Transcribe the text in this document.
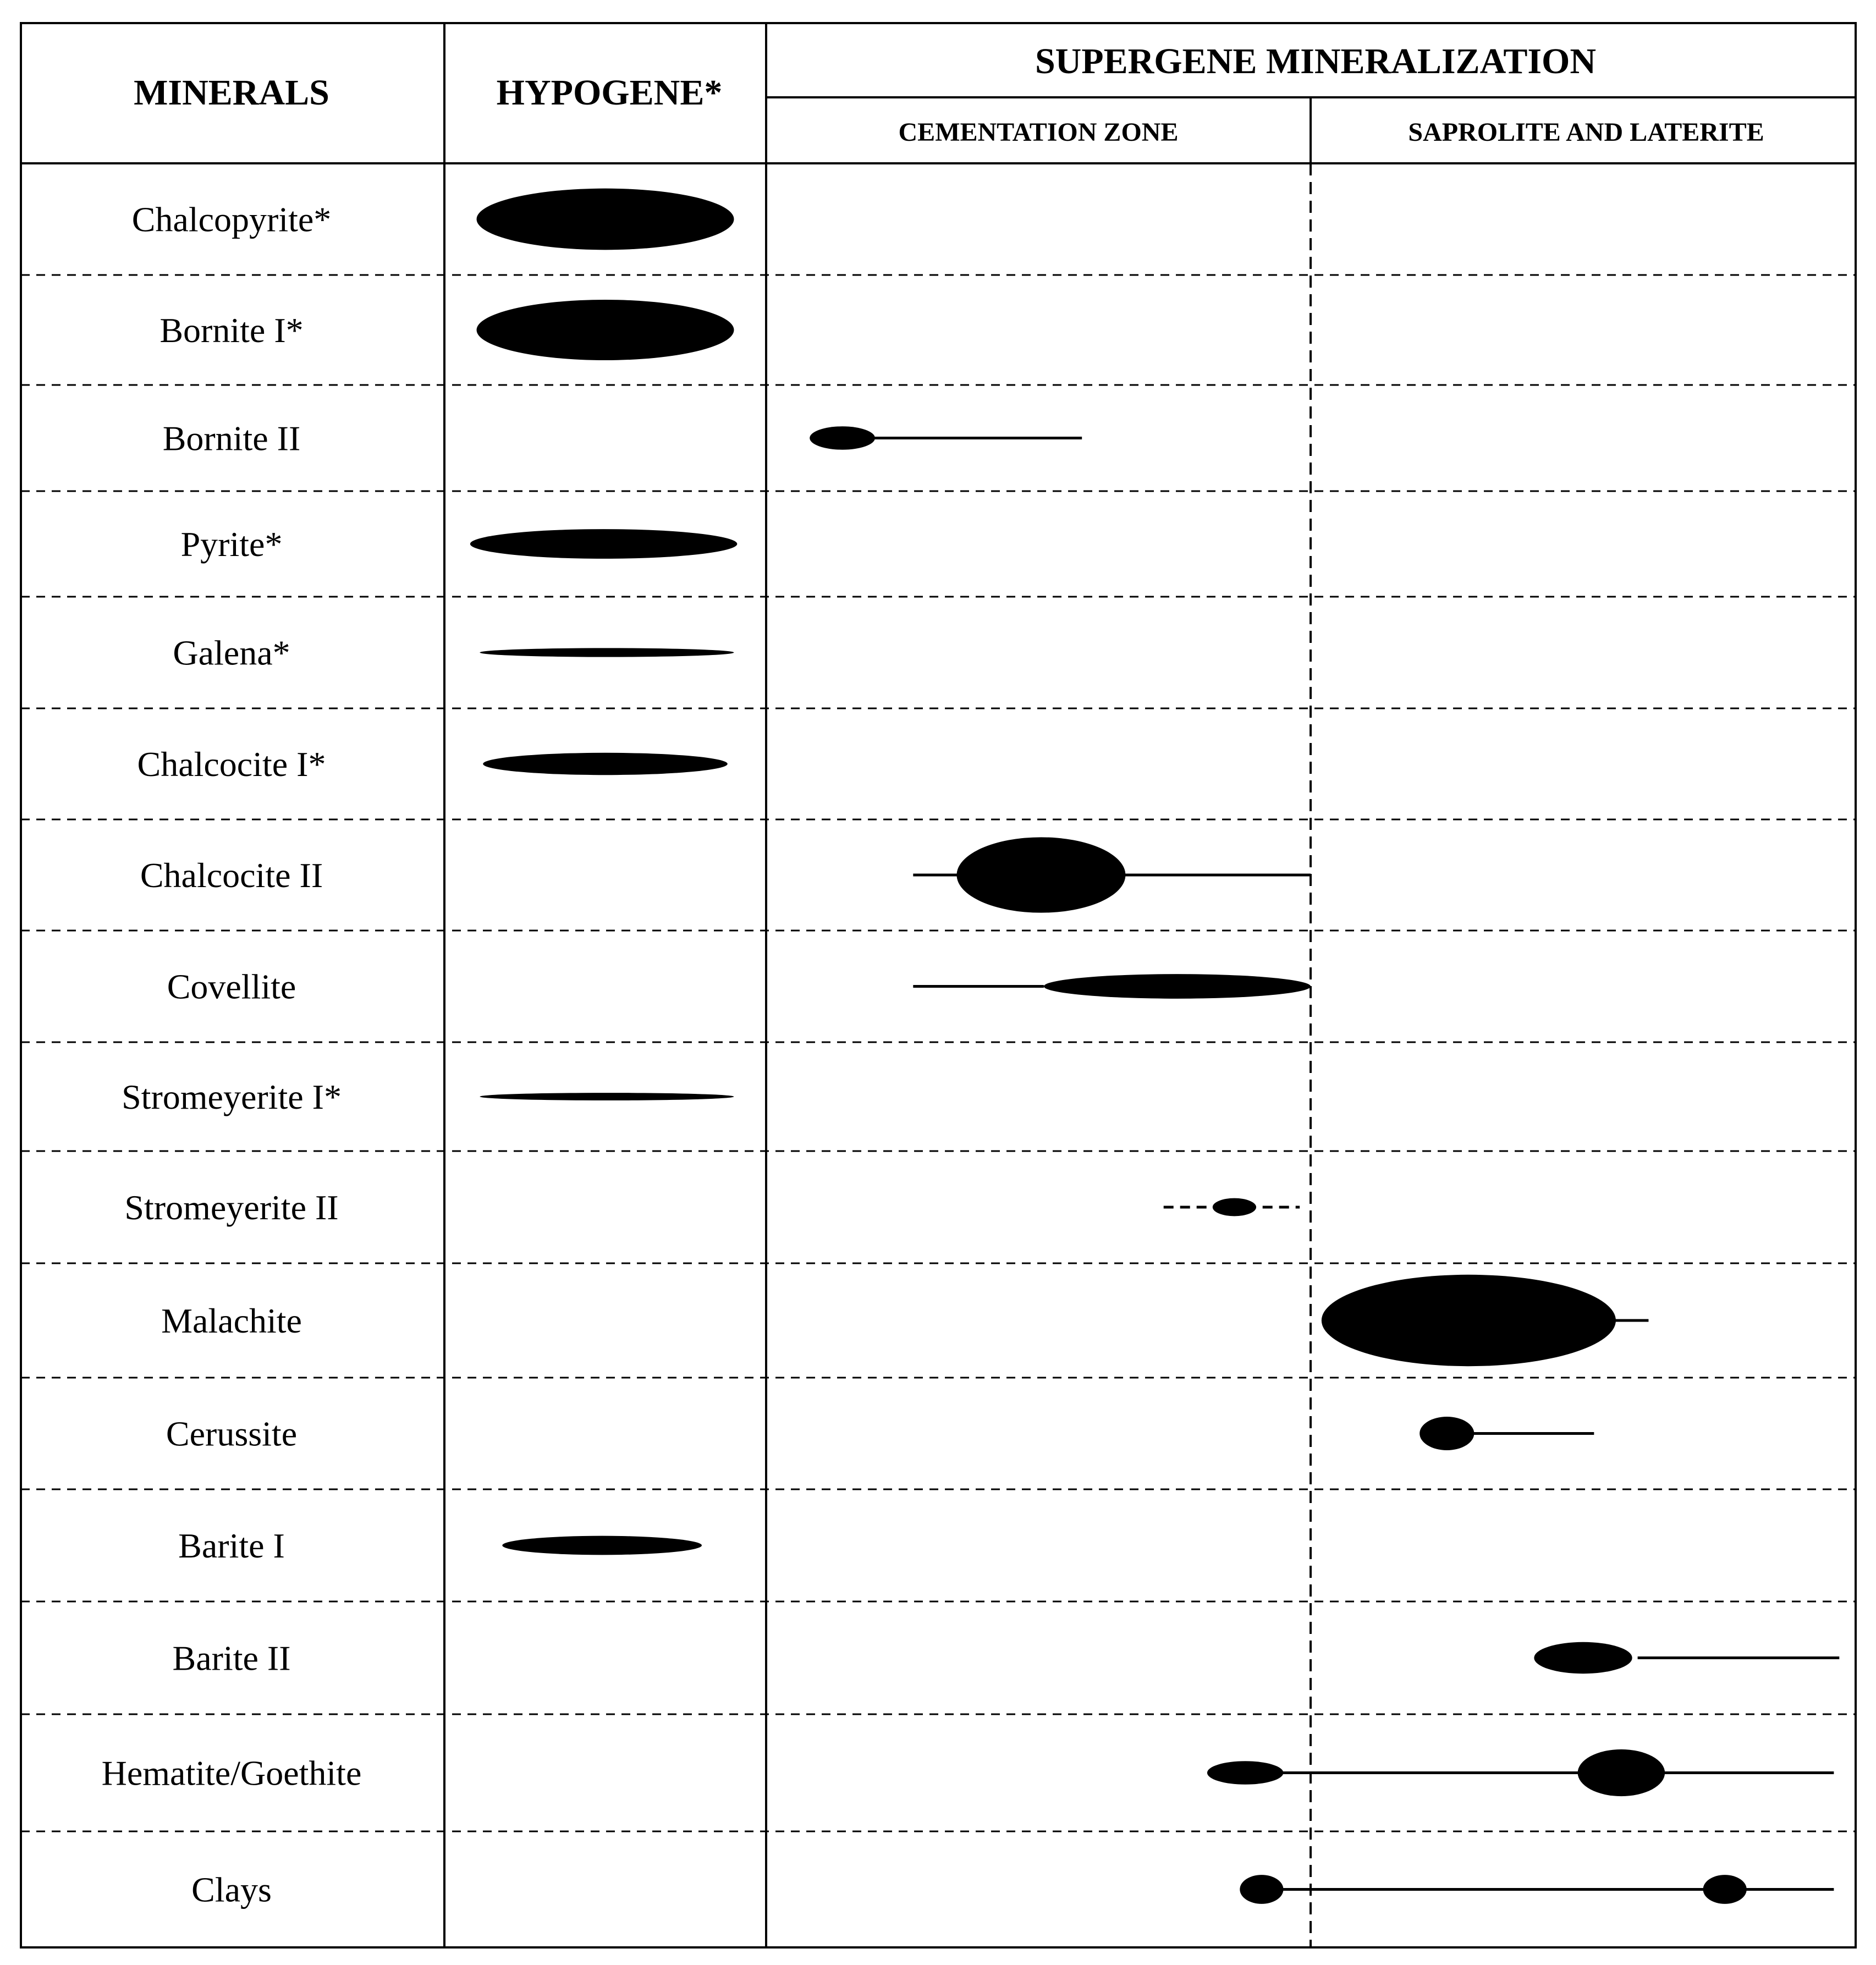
MINERALS	HYPOGENE*
SUPERGENE MINERALIZATION
CEMENTATION ZONE	SAPROLITE AND LATERITE
Chalcopyrite*
Bornite I*
Bornite II
Pyrite*
Galena*
Chalcocite I*
Chalcocite II
Covellite
Stromeyerite I*
Stromeyerite II
Malachite
Cerussite
Barite I
Barite II
Hematite/Goethite
Clays
